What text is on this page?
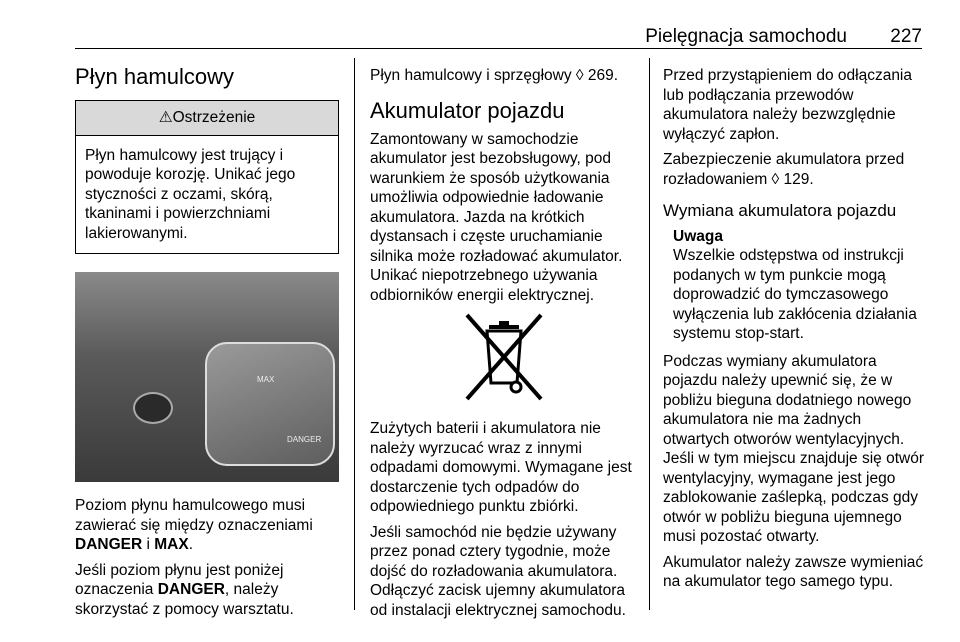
Pielęgnacja samochodu 227
Płyn hamulcowy
⚠Ostrzeżenie
Płyn hamulcowy jest trujący i powoduje korozję. Unikać jego styczności z oczami, skórą, tkaninami i powierzchniami lakierowanymi.
MAX
DANGER

Poziom płynu hamulcowego musi zawierać się między oznaczeniami DANGER i MAX.

Jeśli poziom płynu jest poniżej oznaczenia DANGER, należy skorzystać z pomocy warsztatu.

Płyn hamulcowy i sprzęgłowy ◊ 269.

Akumulator pojazdu

Zamontowany w samochodzie akumulator jest bezobsługowy, pod warunkiem że sposób użytkowania umożliwia odpowiednie ładowanie akumulatora. Jazda na krótkich dystansach i częste uruchamianie silnika może rozładować akumulator. Unikać niepotrzebnego używania odbiorników energii elektrycznej.

Zużytych baterii i akumulatora nie należy wyrzucać wraz z innymi odpadami domowymi. Wymagane jest dostarczenie tych odpadów do odpowiedniego punktu zbiórki.

Jeśli samochód nie będzie używany przez ponad cztery tygodnie, może dojść do rozładowania akumulatora. Odłączyć zacisk ujemny akumulatora od instalacji elektrycznej samochodu.

Przed przystąpieniem do odłączania lub podłączania przewodów akumulatora należy bezwzględnie wyłączyć zapłon.

Zabezpieczenie akumulatora przed rozładowaniem ◊ 129.

Wymiana akumulatora pojazdu
Uwaga
Wszelkie odstępstwa od instrukcji podanych w tym punkcie mogą doprowadzić do tymczasowego wyłączenia lub zakłócenia działania systemu stop-start.

Podczas wymiany akumulatora pojazdu należy upewnić się, że w pobliżu bieguna dodatniego nowego akumulatora nie ma żadnych otwartych otworów wentylacyjnych. Jeśli w tym miejscu znajduje się otwór wentylacyjny, wymagane jest jego zablokowanie zaślepką, podczas gdy otwór w pobliżu bieguna ujemnego musi pozostać otwarty.

Akumulator należy zawsze wymieniać na akumulator tego samego typu.
